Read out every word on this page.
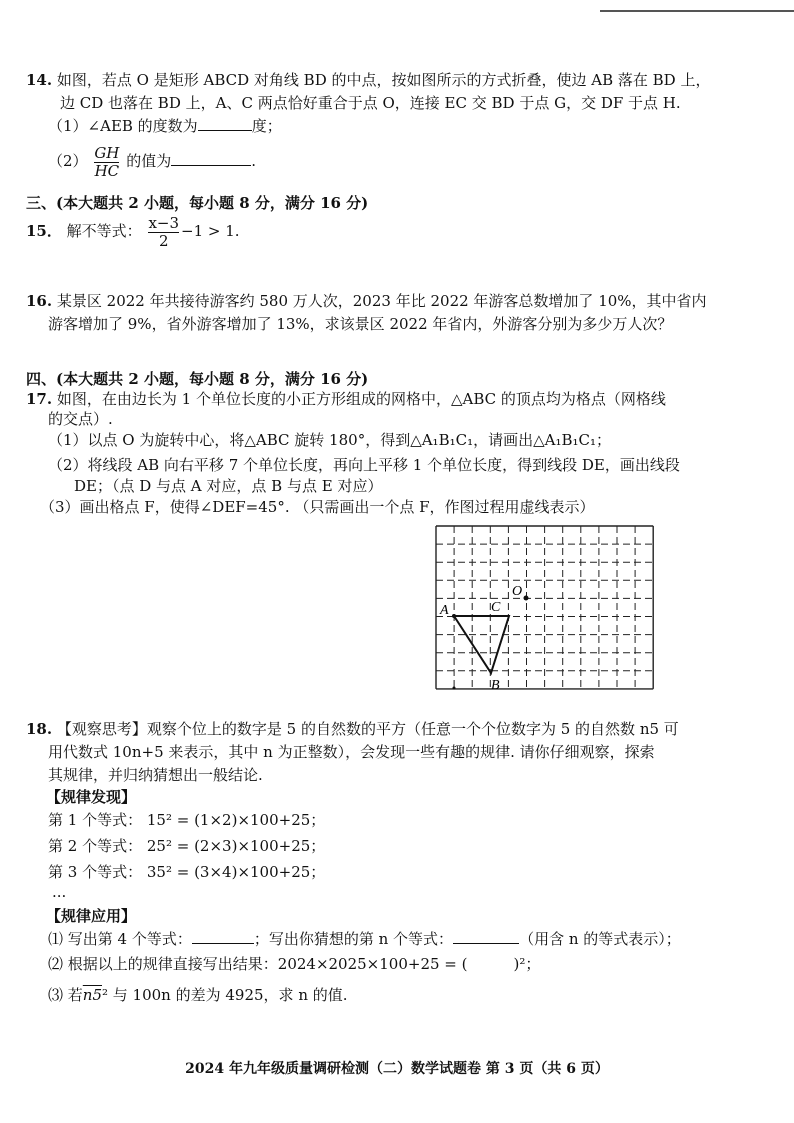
14. 如图，若点 O 是矩形 ABCD 对角线 BD 的中点，按如图所示的方式折叠，使边 AB 落在 BD 上，
边 CD 也落在 BD 上，A、C 两点恰好重合于点 O，连接 EC 交 BD 于点 G，交 DF 于点 H.
（1）∠AEB 的度数为	度；
$(2) \frac{GH}{HC}$ 的值为	.
三、(本大题共 2 小题，每小题 8 分，满分 16 分)
15． 解不等式： $\frac{x-3}{2} -1 > 1$.
16. 某景区 2022 年共接待游客约 580 万人次，2023 年比 2022 年游客总数增加了 10%，其中省内
游客增加了 9%，省外游客增加了 13%，求该景区 2022 年省内，外游客分别为多少万人次？
四、(本大题共 2 小题，每小题 8 分，满分 16 分)
17. 如图，在由边长为 1 个单位长度的小正方形组成的网格中，△ABC 的顶点均为格点（网格线
的交点）.
（1）以点 O 为旋转中心，将△ABC 旋转 180°，得到△A₁B₁C₁，请画出△A₁B₁C₁；
（2）将线段 AB 向右平移 7 个单位长度，再向上平移 1 个单位长度，得到线段 DE，画出线段
DE；（点 D 与点 A 对应，点 B 与点 E 对应）
（3）画出格点 F，使得∠DEF=45°. （只需画出一个点 F，作图过程用虚线表示）
A	C
O
B
18. 【观察思考】观察个位上的数字是 5 的自然数的平方（任意一个个位数字为 5 的自然数 n5 可
用代数式 10n+5 来表示，其中 n 为正整数），会发现一些有趣的规律. 请你仔细观察，探索
其规律，并归纳猜想出一般结论.
【规律发现】
第 1 个等式： 15² = (1×2)×100+25；
第 2 个等式： 25² = (2×3)×100+25；
第 3 个等式： 35² = (3×4)×100+25；
...
【规律应用】
⑴ 写出第 4 个等式：	；写出你猜想的第 n 个等式：	（用含 n 的等式表示）；
⑵ 根据以上的规律直接写出结果：2024×2025×100+25 = (	)²；
⑶ 若n5² 与 100n 的差为 4925，求 n 的值.
2024 年九年级质量调研检测（二）数学试题卷 第 3 页（共 6 页）
